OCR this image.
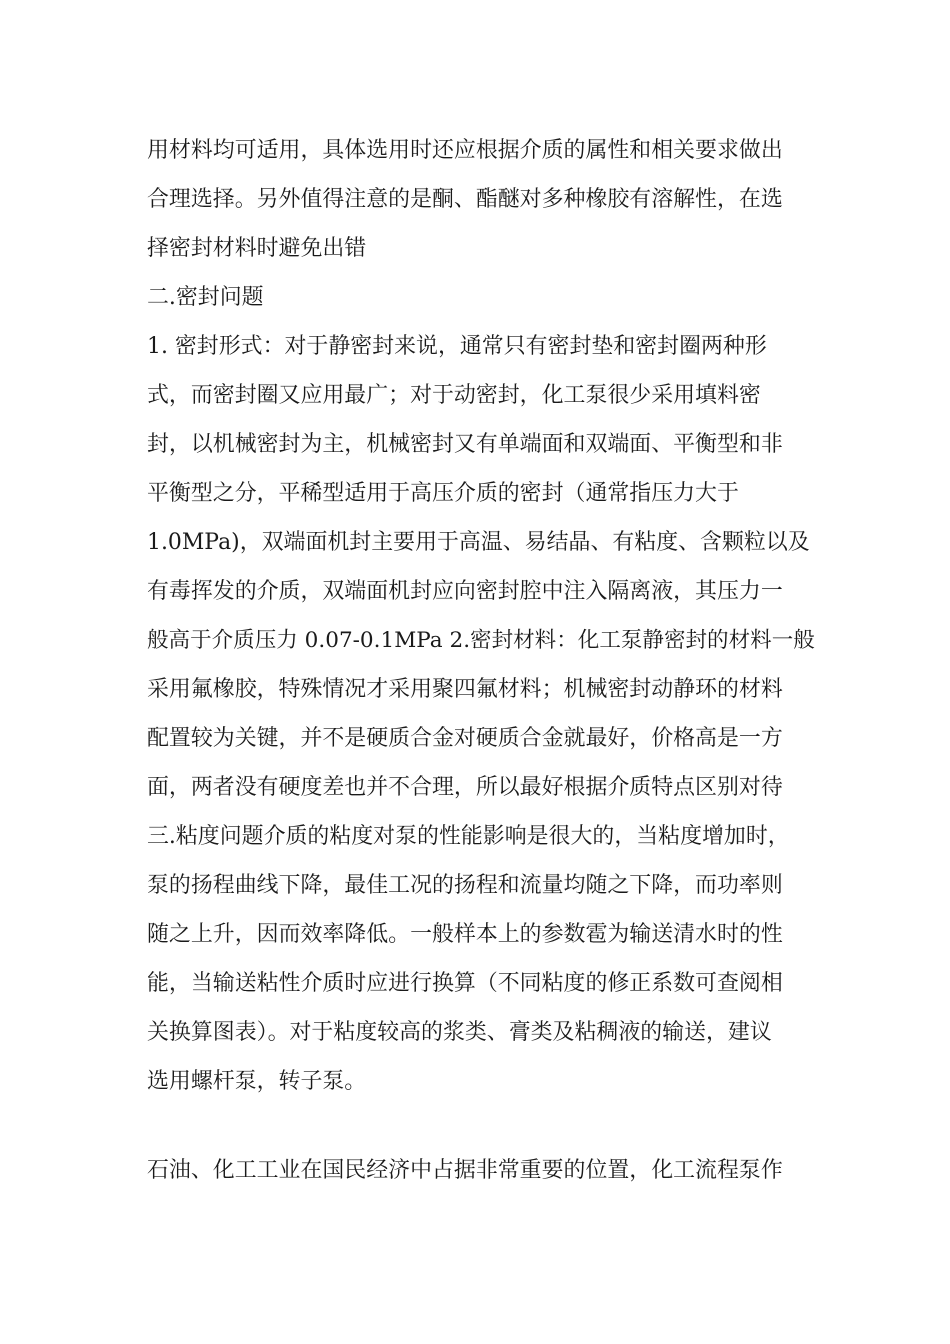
用材料均可适用，具体选用时还应根据介质的属性和相关要求做出
合理选择。另外值得注意的是酮、酯醚对多种橡胶有溶解性，在选
择密封材料时避免出错
二.密封问题
1. 密封形式：对于静密封来说，通常只有密封垫和密封圈两种形
式，而密封圈又应用最广；对于动密封，化工泵很少采用填料密
封，以机械密封为主，机械密封又有单端面和双端面、平衡型和非
平衡型之分，平稀型适用于高压介质的密封（通常指压力大于
1.0MPa)，双端面机封主要用于高温、易结晶、有粘度、含颗粒以及
有毒挥发的介质，双端面机封应向密封腔中注入隔离液，其压力一
般高于介质压力 0.07-0.1MPa 2.密封材料：化工泵静密封的材料一般
采用氟橡胶，特殊情况才采用聚四氟材料；机械密封动静环的材料
配置较为关键，并不是硬质合金对硬质合金就最好，价格高是一方
面，两者没有硬度差也并不合理，所以最好根据介质特点区别对待
三.粘度问题介质的粘度对泵的性能影响是很大的，当粘度增加时，
泵的扬程曲线下降，最佳工况的扬程和流量均随之下降，而功率则
随之上升，因而效率降低。一般样本上的参数雹为输送清水时的性
能，当输送粘性介质时应进行换算（不同粘度的修正系数可查阅相
关换算图表）。对于粘度较高的浆类、膏类及粘稠液的输送，建议
选用螺杆泵，转子泵。
石油、化工工业在国民经济中占据非常重要的位置，化工流程泵作
